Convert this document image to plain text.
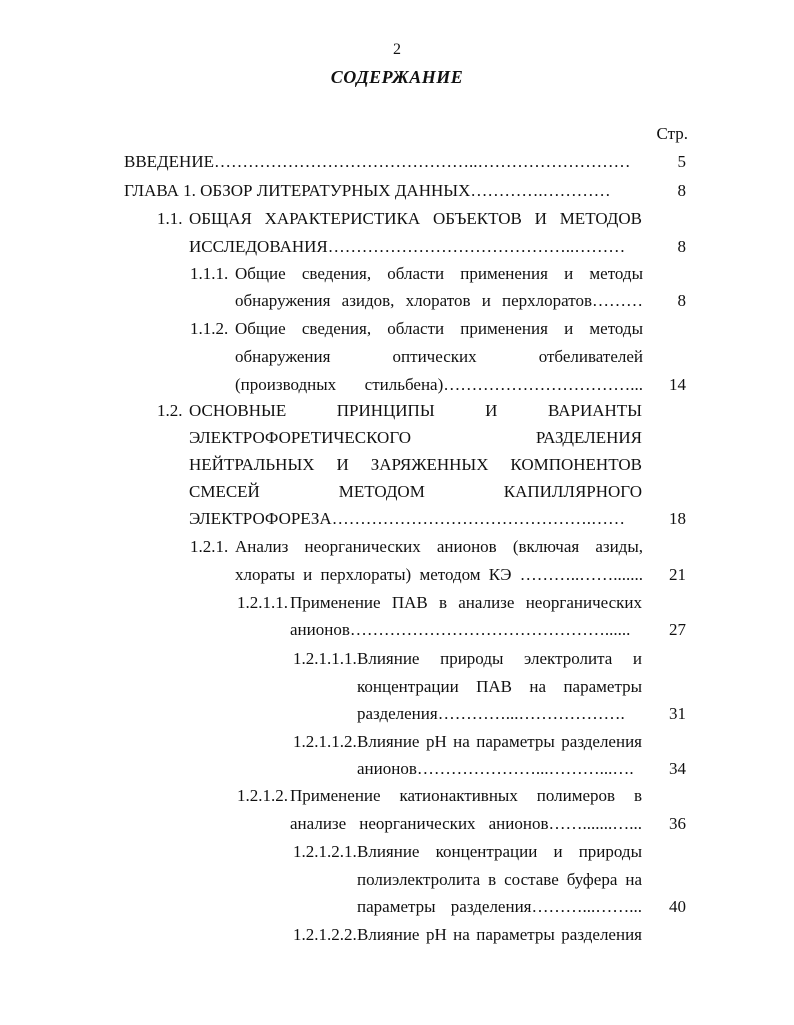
2
СОДЕРЖАНИЕ
Стр.
ВВЕДЕНИЕ………………………………………..………………………	5
ГЛАВА 1. ОБЗОР ЛИТЕРАТУРНЫХ ДАННЫХ………….…………	8
1.1. ОБЩАЯ ХАРАКТЕРИСТИКА ОБЪЕКТОВ И МЕТОДОВ
ИССЛЕДОВАНИЯ……………………………………..………	8
1.1.1. Общие сведения, области применения и методы
обнаружения азидов, хлоратов и перхлоратов………	8
1.1.2. Общие сведения, области применения и методы
обнаружения оптических отбеливателей
(производных стильбена)……………………………...	14
1.2. ОСНОВНЫЕ ПРИНЦИПЫ И ВАРИАНТЫ
ЭЛЕКТРОФОРЕТИЧЕСКОГО РАЗДЕЛЕНИЯ
НЕЙТРАЛЬНЫХ И ЗАРЯЖЕННЫХ КОМПОНЕНТОВ
СМЕСЕЙ МЕТОДОМ КАПИЛЛЯРНОГО
ЭЛЕКТРОФОРЕЗА……………………………………….……	18
1.2.1. Анализ неорганических анионов (включая азиды,
хлораты и перхлораты) методом КЭ ………..…….......	21
1.2.1.1. Применение ПАВ в анализе неорганических
анионов………………………………………......	27
1.2.1.1.1. Влияние природы электролита и
концентрации ПАВ на параметры
разделения…………...……………….	31
1.2.1.1.2. Влияние pH на параметры разделения
анионов…………………...………...….	34
1.2.1.2. Применение катионактивных полимеров в
анализе неорганических анионов…….......…...	36
1.2.1.2.1. Влияние концентрации и природы
полиэлектролита в составе буфера на
параметры разделения………...……...	40
1.2.1.2.2. Влияние pH на параметры разделения
